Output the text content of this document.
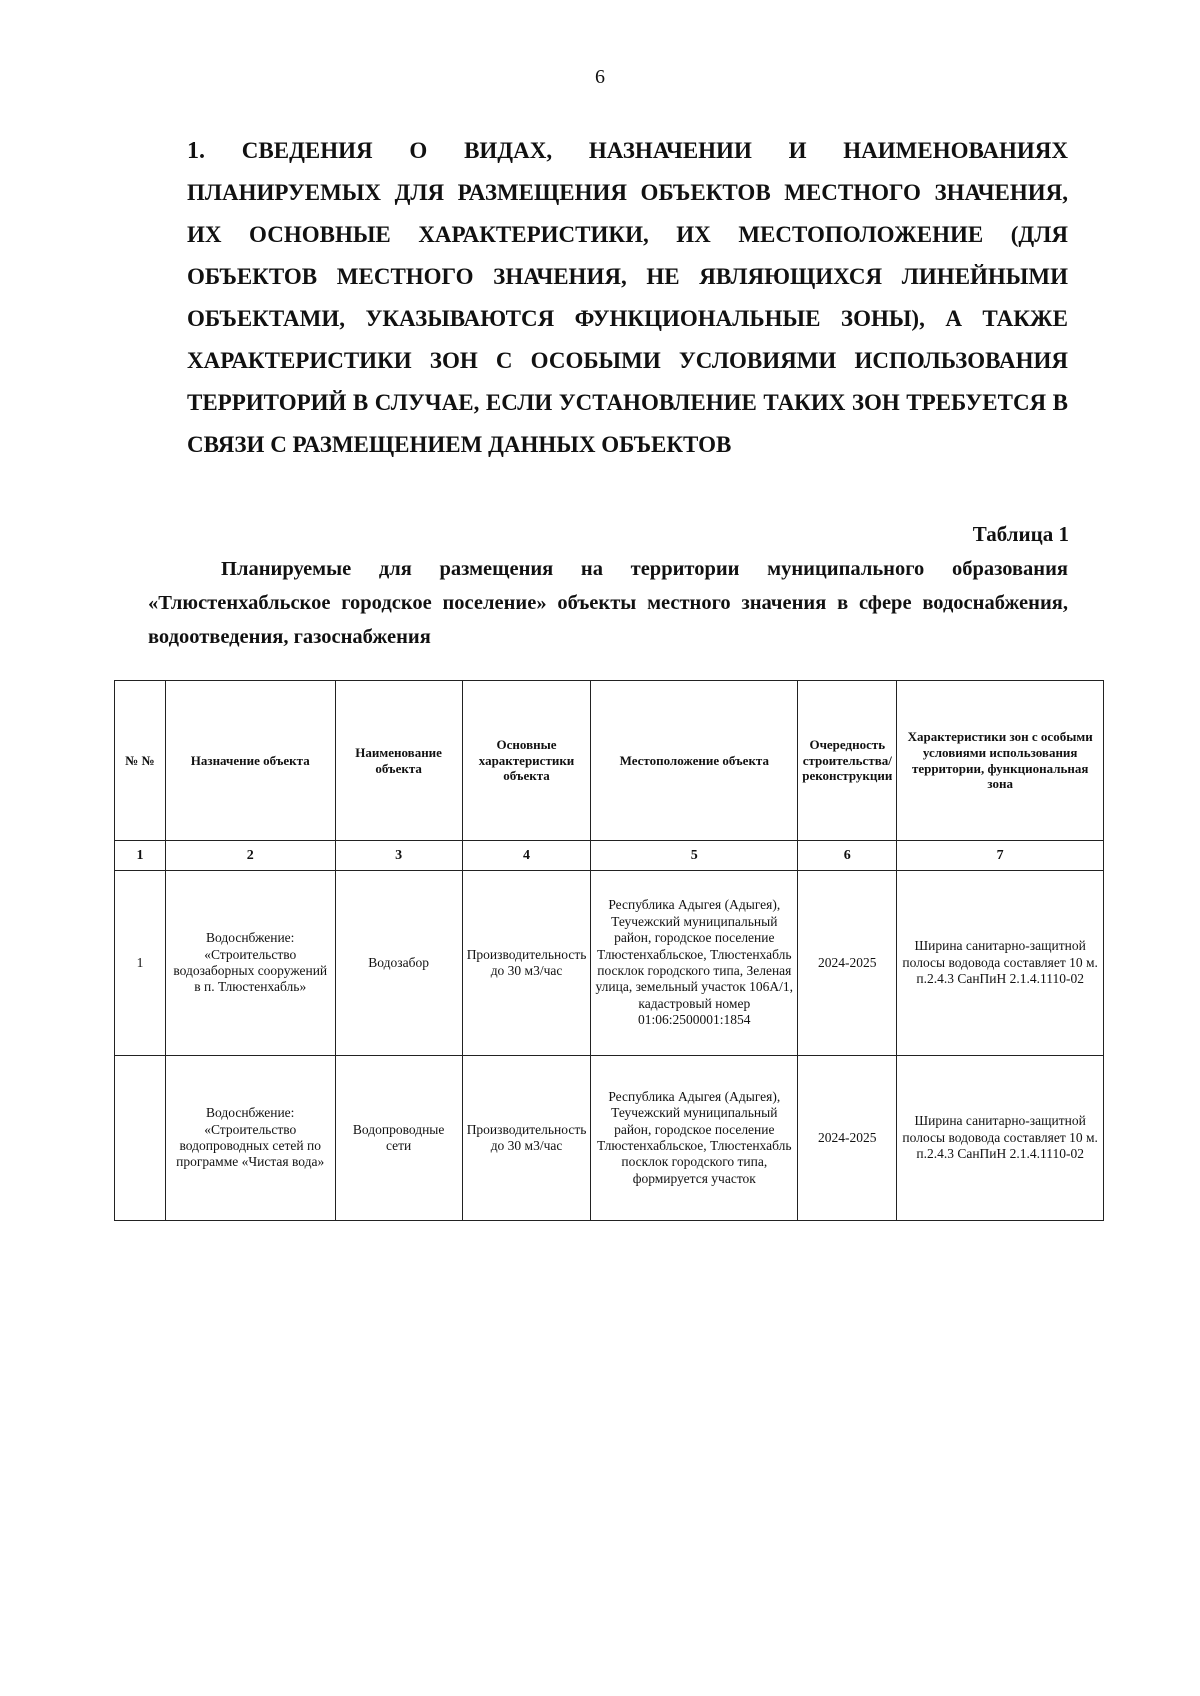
6
1. СВЕДЕНИЯ О ВИДАХ, НАЗНАЧЕНИИ И НАИМЕНОВАНИЯХ ПЛАНИРУЕМЫХ ДЛЯ РАЗМЕЩЕНИЯ ОБЪЕКТОВ МЕСТНОГО ЗНАЧЕНИЯ, ИХ ОСНОВНЫЕ ХАРАКТЕРИСТИКИ, ИХ МЕСТОПОЛОЖЕНИЕ (ДЛЯ ОБЪЕКТОВ МЕСТНОГО ЗНАЧЕНИЯ, НЕ ЯВЛЯЮЩИХСЯ ЛИНЕЙНЫМИ ОБЪЕКТАМИ, УКАЗЫВАЮТСЯ ФУНКЦИОНАЛЬНЫЕ ЗОНЫ), А ТАКЖЕ ХАРАКТЕРИСТИКИ ЗОН С ОСОБЫМИ УСЛОВИЯМИ ИСПОЛЬЗОВАНИЯ ТЕРРИТОРИЙ В СЛУЧАЕ, ЕСЛИ УСТАНОВЛЕНИЕ ТАКИХ ЗОН ТРЕБУЕТСЯ В СВЯЗИ С РАЗМЕЩЕНИЕМ ДАННЫХ ОБЪЕКТОВ
Таблица 1
Планируемые для размещения на территории муниципального образования «Тлюстенхабльское городское поселение» объекты местного значения в сфере водоснабжения, водоотведения, газоснабжения
№ №	Назначение объекта	Наименование объекта	Основные характеристики объекта	Местоположение объекта	Очередность строительства/ реконструкции	Характеристики зон с особыми условиями использования территории, функциональная зона
1	2	3	4	5	6	7
1	Водоснбжение: «Строительство водозаборных сооружений в п. Тлюстенхабль»	Водозабор	Производительность до 30 м3/час	Республика Адыгея (Адыгея), Теучежский муниципальный район, городское поселение Тлюстенхабльское, Тлюстенхабль посклок городского типа, Зеленая улица, земельный участок 106А/1, кадастровый номер 01:06:2500001:1854	2024-2025	Ширина санитарно-защитной полосы водовода составляет 10 м. п.2.4.3 СанПиН 2.1.4.1110-02
	Водоснбжение: «Строительство водопроводных сетей по программе «Чистая вода»	Водопроводные сети	Производительность до 30 м3/час	Республика Адыгея (Адыгея), Теучежский муниципальный район, городское поселение Тлюстенхабльское, Тлюстенхабль посклок городского типа, формируется участок	2024-2025	Ширина санитарно-защитной полосы водовода составляет 10 м. п.2.4.3 СанПиН 2.1.4.1110-02
